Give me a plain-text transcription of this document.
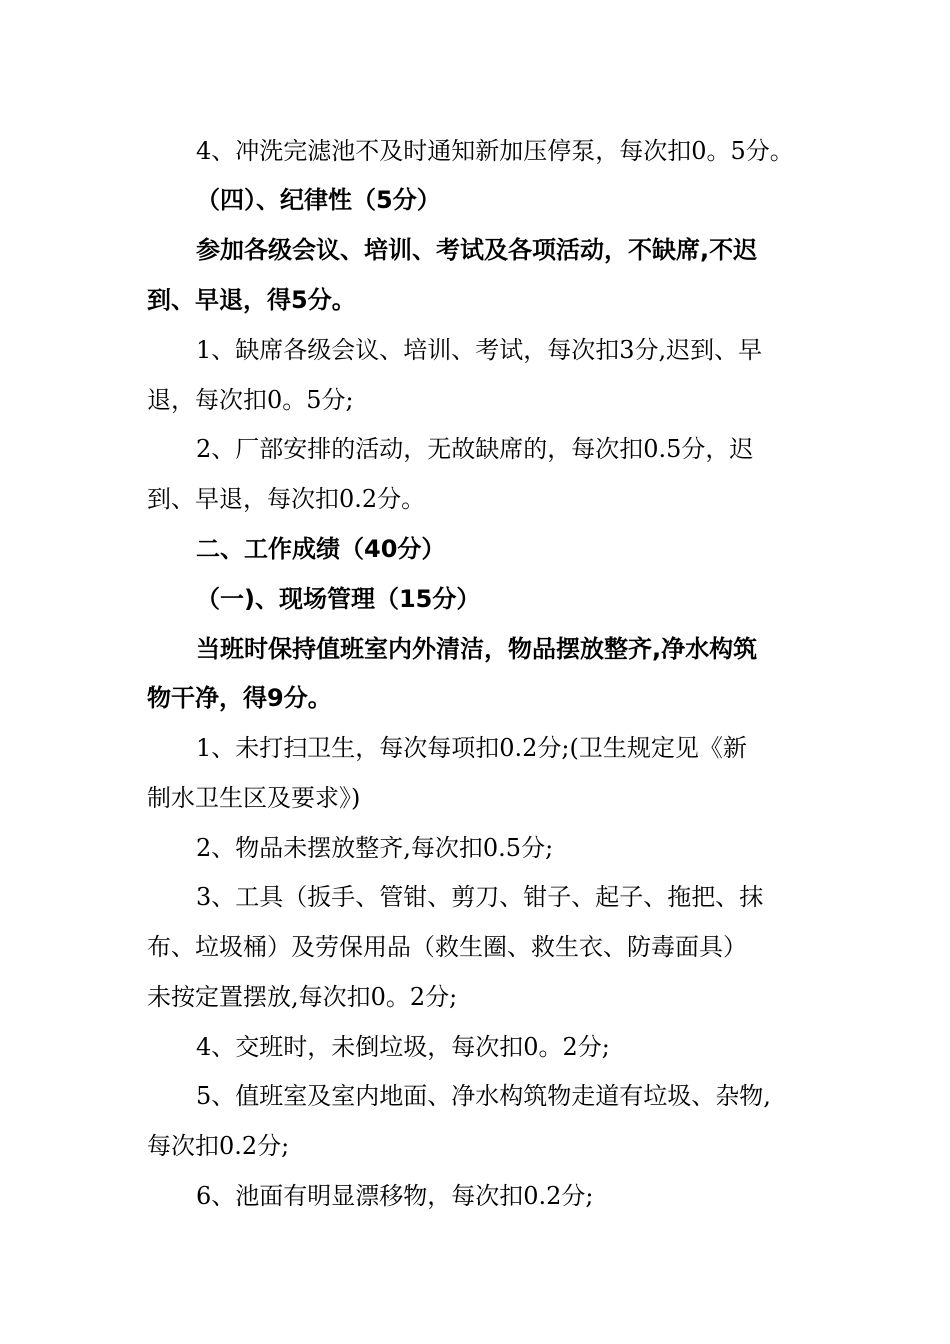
4、冲洗完滤池不及时通知新加压停泵，每次扣0。5分。
（四）、纪律性（5分）
参加各级会议、培训、考试及各项活动，不缺席,不迟
到、早退，得5分。
1、缺席各级会议、培训、考试，每次扣3分,迟到、早
退，每次扣0。5分;
2、厂部安排的活动，无故缺席的，每次扣0.5分，迟
到、早退，每次扣0.2分。
二、工作成绩（40分）
（一)、现场管理（15分）
当班时保持值班室内外清洁，物品摆放整齐,净水构筑
物干净，得9分。
1、未打扫卫生，每次每项扣0.2分;(卫生规定见《新
制水卫生区及要求》)
2、物品未摆放整齐,每次扣0.5分;
3、工具（扳手、管钳、剪刀、钳子、起子、拖把、抹
布、垃圾桶）及劳保用品（救生圈、救生衣、防毒面具）
未按定置摆放,每次扣0。2分;
4、交班时，未倒垃圾，每次扣0。2分;
5、值班室及室内地面、净水构筑物走道有垃圾、杂物,
每次扣0.2分;
6、池面有明显漂移物，每次扣0.2分;
